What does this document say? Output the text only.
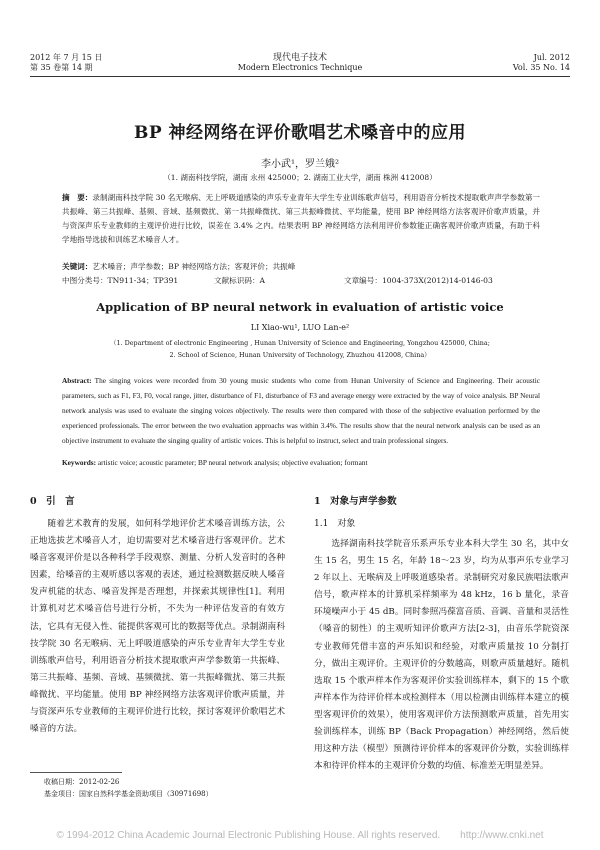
2012 年 7 月 15 日
第 35 卷第 14 期
现代电子技术
Modern Electronics Technique
Jul. 2012
Vol. 35 No. 14
BP 神经网络在评价歌唱艺术嗓音中的应用
李小武¹，罗兰娥²
（1. 湖南科技学院，湖南 永州 425000；2. 湖南工业大学，湖南 株洲 412008）
摘　要：录制湖南科技学院 30 名无喉病、无上呼吸道感染的声乐专业青年大学生专业训练歌声信号，利用语音分析技术提取歌声声学参数第一共振峰、第三共振峰、基频、音域、基频微扰、第一共振峰微扰、第三共振峰微扰、平均能量，使用 BP 神经网络方法客观评价歌声质量，并与资深声乐专业教师的主观评价进行比较，误差在 3.4% 之内。结果表明 BP 神经网络方法利用评价参数能正确客观评价歌声质量，有助于科学地指导选拔和训练艺术嗓音人才。
关键词：艺术嗓音；声学参数；BP 神经网络方法；客观评价；共振峰
中图分类号：TN911-34；TP391	文献标识码：A	文章编号：1004-373X(2012)14-0146-03
Application of BP neural network in evaluation of artistic voice
LI Xiao-wu¹, LUO Lan-e²
（1. Department of electronic Engineering , Hunan University of Science and Engineering, Yongzhou 425000, China;
2. School of Science, Hunan University of Technology, Zhuzhou 412008, China）
Abstract: The singing voices were recorded from 30 young music students who come from Hunan University of Science and Engineering. Their acoustic parameters, such as F1, F3, F0, vocal range, jitter, disturbance of F1, disturbance of F3 and average energy were extracted by the way of voice analysis. BP Neural network analysis was used to evaluate the singing voices objectively. The results were then compared with those of the subjective evaluation performed by the experienced professionals. The error between the two evaluation approachs was within 3.4%. The results show that the neural network analysis can be used as an objective instrument to evaluate the singing quality of artistic voices. This is helpful to instruct, select and train professional singers.
Keywords: artistic voice; acoustic parameter; BP neural network analysis; objective evaluation; formant
0　引　言

随着艺术教育的发展，如何科学地评价艺术嗓音训练方法，公正地选拔艺术嗓音人才，迫切需要对艺术嗓音进行客观评价。艺术嗓音客观评价是以各种科学手段观察、测量、分析人发音时的各种因素，给嗓音的主观听感以客观的表述，通过检测数据反映人嗓音发声机能的状态、嗓音发挥是否理想，并探索其规律性[1]。利用计算机对艺术嗓音信号进行分析，不失为一种评估发音的有效方法，它具有无侵入性、能提供客观可比的数据等优点。录制湖南科技学院 30 名无喉病、无上呼吸道感染的声乐专业青年大学生专业训练歌声信号，利用语音分析技术提取歌声声学参数第一共振峰、第三共振峰、基频、音域、基频微扰、第一共振峰微扰、第三共振峰微扰、平均能量。使用 BP 神经网络方法客观评价歌声质量，并与资深声乐专业教师的主观评价进行比较，探讨客观评价歌唱艺术嗓音的方法。

1　对象与声学参数
1.1　对象

选择湖南科技学院音乐系声乐专业本科大学生 30 名，其中女生 15 名，男生 15 名，年龄 18～23 岁，均为从事声乐专业学习 2 年以上、无喉病及上呼吸道感染者。录制研究对象民族唱法歌声信号，歌声样本的计算机采样频率为 48 kHz，16 b 量化，录音环境噪声小于 45 dB。同时参照冯葆富音质、音调、音量和灵活性（嗓音的韧性）的主观听知评价歌声方法[2-3]，由音乐学院资深专业教师凭借丰富的声乐知识和经验，对歌声质量按 10 分制打分，做出主观评价。主观评价的分数越高，则歌声质量越好。随机选取 15 个歌声样本作为客观评价实验训练样本，剩下的 15 个歌声样本作为待评价样本或检测样本（用以检测由训练样本建立的模型客观评价的效果），使用客观评价方法预测歌声质量，首先用实验训练样本，训练 BP（Back Propagation）神经网络，然后使用这种方法（模型）预测待评价样本的客观评价分数，实验训练样本和待评价样本的主观评价分数的均值、标准差无明显差异。

收稿日期：2012-02-26
基金项目：国家自然科学基金资助项目（30971698）
© 1994-2012 China Academic Journal Electronic Publishing House. All rights reserved.　　http://www.cnki.net
